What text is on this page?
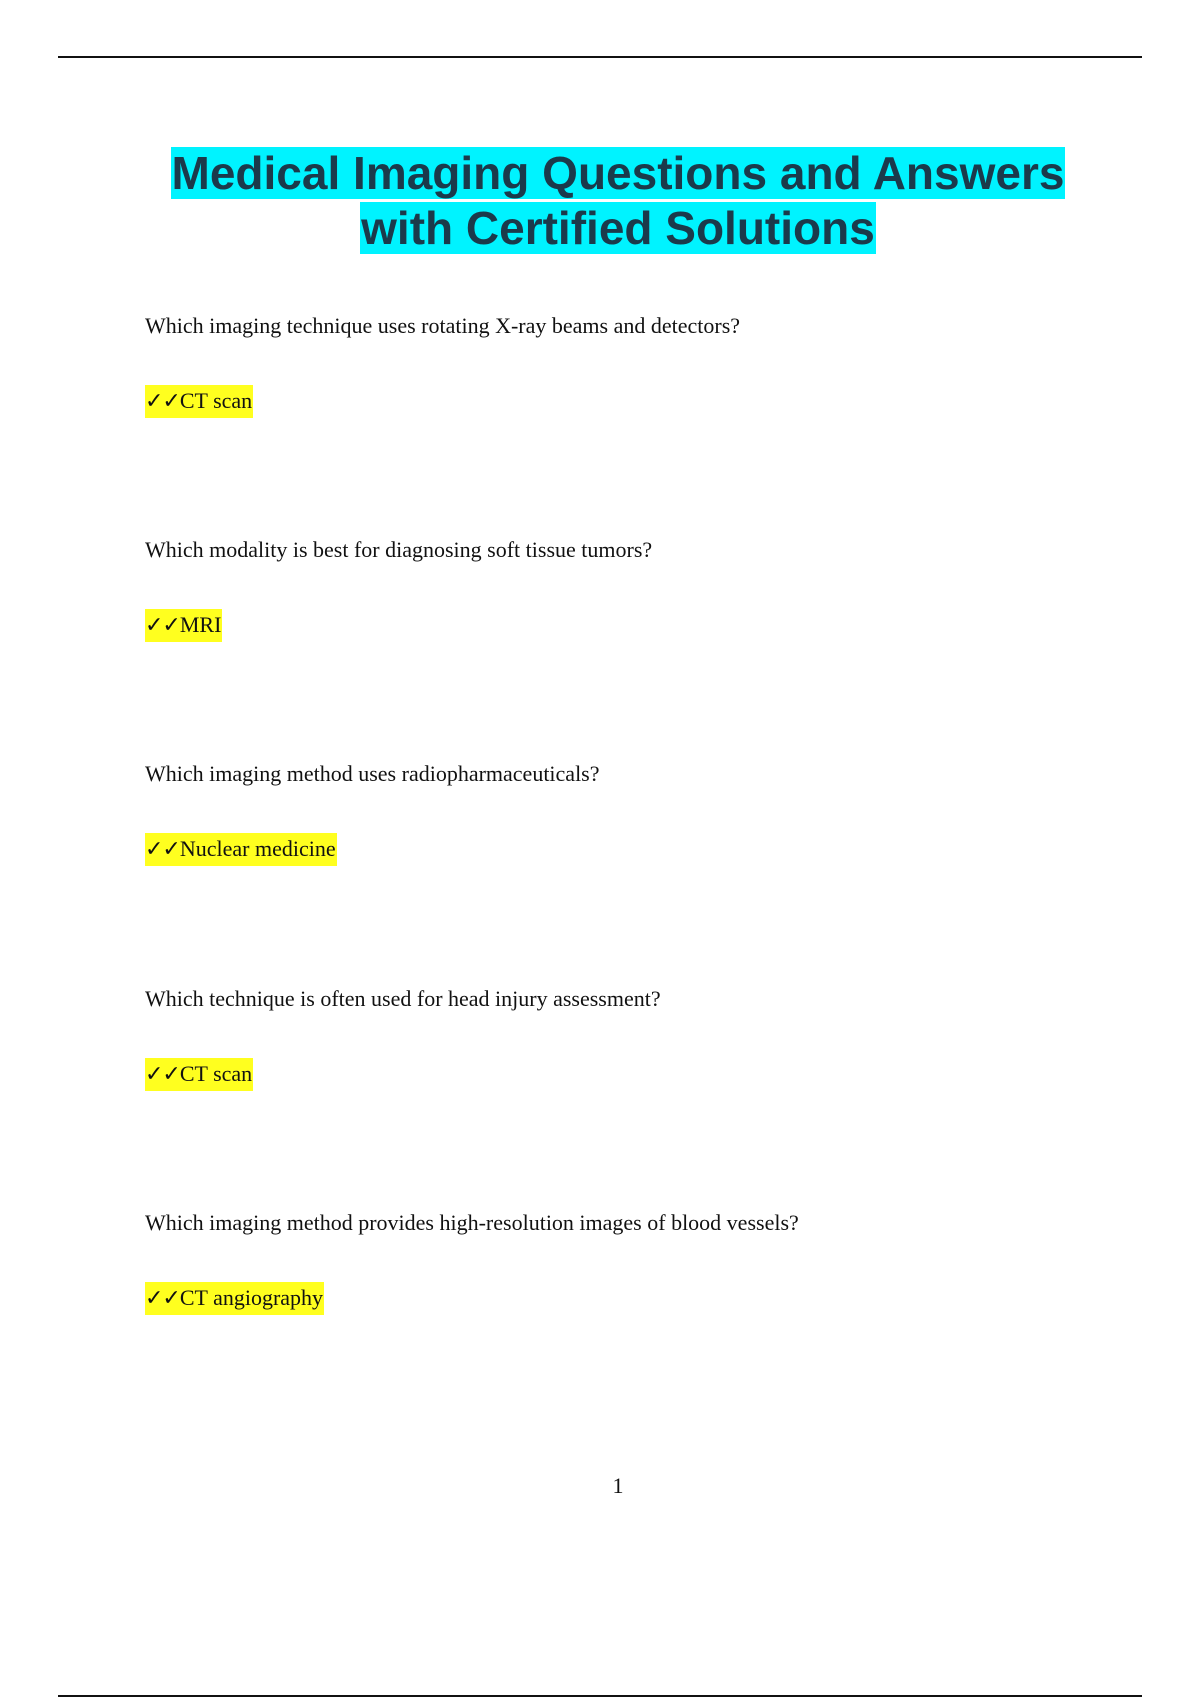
Medical Imaging Questions and Answers
with Certified Solutions
Which imaging technique uses rotating X-ray beams and detectors?
✓✓CT scan
Which modality is best for diagnosing soft tissue tumors?
✓✓MRI
Which imaging method uses radiopharmaceuticals?
✓✓Nuclear medicine
Which technique is often used for head injury assessment?
✓✓CT scan
Which imaging method provides high-resolution images of blood vessels?
✓✓CT angiography
1
